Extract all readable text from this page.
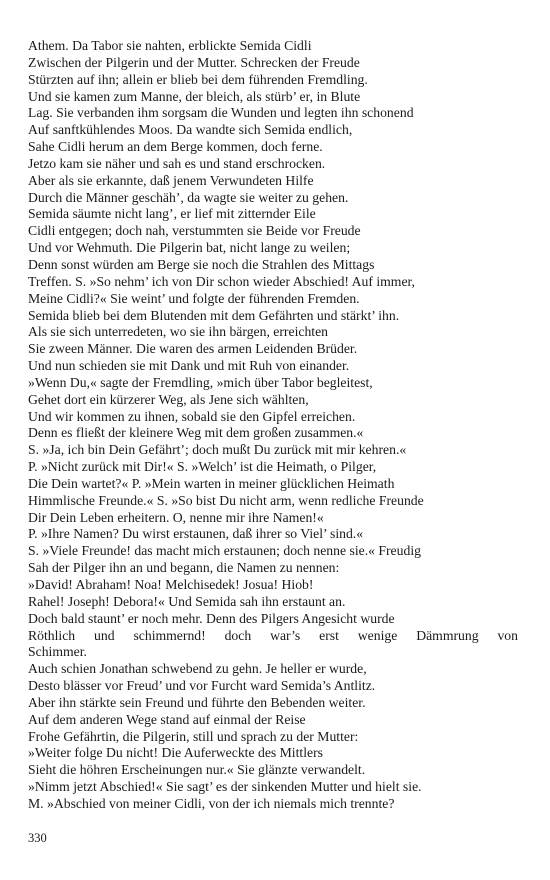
Athem. Da Tabor sie nahten, erblickte Semida Cidli
Zwischen der Pilgerin und der Mutter. Schrecken der Freude
Stürzten auf ihn; allein er blieb bei dem führenden Fremdling.
Und sie kamen zum Manne, der bleich, als stürb’ er, in Blute
Lag. Sie verbanden ihm sorgsam die Wunden und legten ihn schonend
Auf sanftkühlendes Moos. Da wandte sich Semida endlich,
Sahe Cidli herum an dem Berge kommen, doch ferne.
Jetzo kam sie näher und sah es und stand erschrocken.
Aber als sie erkannte, daß jenem Verwundeten Hilfe
Durch die Männer geschäh’, da wagte sie weiter zu gehen.
Semida säumte nicht lang’, er lief mit zitternder Eile
Cidli entgegen; doch nah, verstummten sie Beide vor Freude
Und vor Wehmuth. Die Pilgerin bat, nicht lange zu weilen;
Denn sonst würden am Berge sie noch die Strahlen des Mittags
Treffen. S. »So nehm’ ich von Dir schon wieder Abschied! Auf immer,
Meine Cidli?« Sie weint’ und folgte der führenden Fremden.
Semida blieb bei dem Blutenden mit dem Gefährten und stärkt’ ihn.
Als sie sich unterredeten, wo sie ihn bärgen, erreichten
Sie zween Männer. Die waren des armen Leidenden Brüder.
Und nun schieden sie mit Dank und mit Ruh von einander.
»Wenn Du,« sagte der Fremdling, »mich über Tabor begleitest,
Gehet dort ein kürzerer Weg, als Jene sich wählten,
Und wir kommen zu ihnen, sobald sie den Gipfel erreichen.
Denn es fließt der kleinere Weg mit dem großen zusammen.«
S. »Ja, ich bin Dein Gefährt’; doch mußt Du zurück mit mir kehren.«
P. »Nicht zurück mit Dir!« S. »Welch’ ist die Heimath, o Pilger,
Die Dein wartet?« P. »Mein warten in meiner glücklichen Heimath
Himmlische Freunde.« S. »So bist Du nicht arm, wenn redliche Freunde
Dir Dein Leben erheitern. O, nenne mir ihre Namen!«
P. »Ihre Namen? Du wirst erstaunen, daß ihrer so Viel’ sind.«
S. »Viele Freunde! das macht mich erstaunen; doch nenne sie.« Freudig
Sah der Pilger ihn an und begann, die Namen zu nennen:
»David! Abraham! Noa! Melchisedek! Josua! Hiob!
Rahel! Joseph! Debora!« Und Semida sah ihn erstaunt an.
Doch bald staunt’ er noch mehr. Denn des Pilgers Angesicht wurde
Röthlich und schimmernd! doch war’s erst wenige Dämmrung von
Schimmer.
Auch schien Jonathan schwebend zu gehn. Je heller er wurde,
Desto blässer vor Freud’ und vor Furcht ward Semida’s Antlitz.
Aber ihn stärkte sein Freund und führte den Bebenden weiter.
Auf dem anderen Wege stand auf einmal der Reise
Frohe Gefährtin, die Pilgerin, still und sprach zu der Mutter:
»Weiter folge Du nicht! Die Auferweckte des Mittlers
Sieht die höhren Erscheinungen nur.« Sie glänzte verwandelt.
»Nimm jetzt Abschied!« Sie sagt’ es der sinkenden Mutter und hielt sie.
M. »Abschied von meiner Cidli, von der ich niemals mich trennte?
330
